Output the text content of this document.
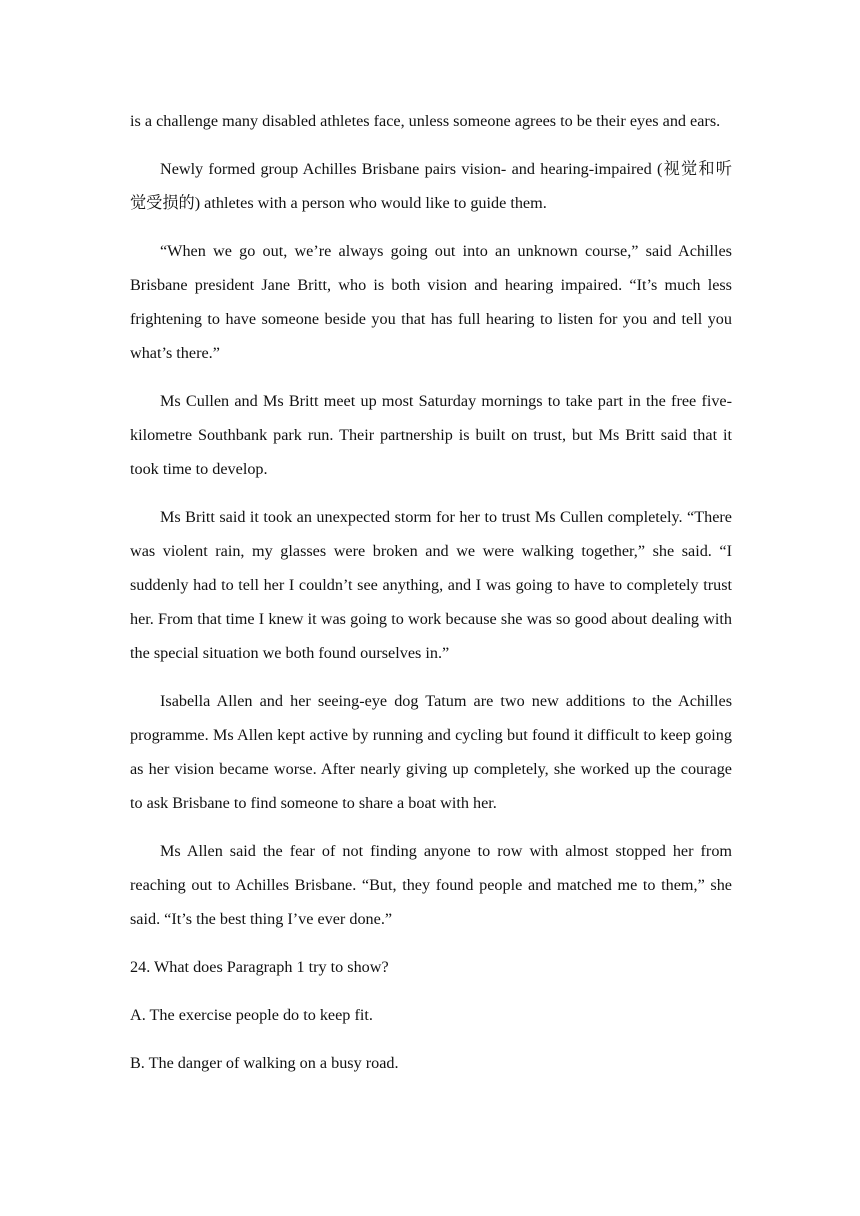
is a challenge many disabled athletes face, unless someone agrees to be their eyes and ears.

Newly formed group Achilles Brisbane pairs vision- and hearing-impaired (视觉和听觉受损的) athletes with a person who would like to guide them.

“When we go out, we’re always going out into an unknown course,” said Achilles Brisbane president Jane Britt, who is both vision and hearing impaired. “It’s much less frightening to have someone beside you that has full hearing to listen for you and tell you what’s there.”

Ms Cullen and Ms Britt meet up most Saturday mornings to take part in the free five-kilometre Southbank park run. Their partnership is built on trust, but Ms Britt said that it took time to develop.

Ms Britt said it took an unexpected storm for her to trust Ms Cullen completely. “There was violent rain, my glasses were broken and we were walking together,” she said. “I suddenly had to tell her I couldn’t see anything, and I was going to have to completely trust her. From that time I knew it was going to work because she was so good about dealing with the special situation we both found ourselves in.”

Isabella Allen and her seeing-eye dog Tatum are two new additions to the Achilles programme. Ms Allen kept active by running and cycling but found it difficult to keep going as her vision became worse. After nearly giving up completely, she worked up the courage to ask Brisbane to find someone to share a boat with her.

Ms Allen said the fear of not finding anyone to row with almost stopped her from reaching out to Achilles Brisbane. “But, they found people and matched me to them,” she said. “It’s the best thing I’ve ever done.”

24. What does Paragraph 1 try to show?

A. The exercise people do to keep fit.

B. The danger of walking on a busy road.
